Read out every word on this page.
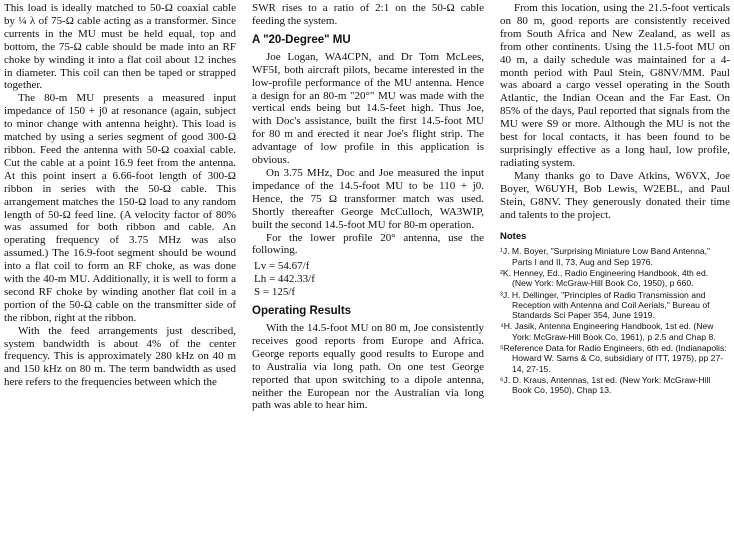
This load is ideally matched to 50-Ω coaxial cable by ¼ λ of 75-Ω cable acting as a transformer. Since currents in the MU must be held equal, top and bottom, the 75-Ω cable should be made into an RF choke by winding it into a flat coil about 12 inches in diameter. This coil can then be taped or strapped together.

The 80-m MU presents a measured input impedance of 150 + j0 at resonance (again, subject to minor change with antenna height). This load is matched by using a series segment of good 300-Ω ribbon. Feed the antenna with 50-Ω coaxial cable. Cut the cable at a point 16.9 feet from the antenna. At this point insert a 6.66-foot length of 300-Ω ribbon in series with the 50-Ω cable. This arrangement matches the 150-Ω load to any random length of 50-Ω feed line. (A velocity factor of 80% was assumed for both ribbon and cable. An operating frequency of 3.75 MHz was also assumed.) The 16.9-foot segment should be wound into a flat coil to form an RF choke, as was done with the 40-m MU. Additionally, it is well to form a second RF choke by winding another flat coil in a portion of the 50-Ω cable on the transmitter side of the ribbon, right at the ribbon.

With the feed arrangements just described, system bandwidth is about 4% of the center frequency. This is approximately 280 kHz on 40 m and 150 kHz on 80 m. The term bandwidth as used here refers to the frequencies between which the

SWR rises to a ratio of 2:1 on the 50-Ω cable feeding the system.

A "20-Degree" MU

Joe Logan, WA4CPN, and Dr Tom McLees, WF5I, both aircraft pilots, became interested in the low-profile performance of the MU antenna. Hence a design for an 80-m "20°" MU was made with the vertical ends being but 14.5-feet high. Thus Joe, with Doc's assistance, built the first 14.5-foot MU for 80 m and erected it near Joe's flight strip. The advantage of low profile in this application is obvious.

On 3.75 MHz, Doc and Joe measured the input impedance of the 14.5-foot MU to be 110 + j0. Hence, the 75 Ω transformer match was used. Shortly thereafter George McCulloch, WA3WIP, built the second 14.5-foot MU for 80-m operation.

For the lower profile 20° antenna, use the following.

Lv = 54.67/f
Lh = 442.33/f
S = 125/f
Operating Results

With the 14.5-foot MU on 80 m, Joe consistently receives good reports from Europe and Africa. George reports equally good results to Europe and to Australia via long path. On one test George reported that upon switching to a dipole antenna, neither the European nor the Australian via long path was able to hear him.

From this location, using the 21.5-foot verticals on 80 m, good reports are consistently received from South Africa and New Zealand, as well as from other continents. Using the 11.5-foot MU on 40 m, a daily schedule was maintained for a 4-month period with Paul Stein, G8NV/MM. Paul was aboard a cargo vessel operating in the South Atlantic, the Indian Ocean and the Far East. On 85% of the days, Paul reported that signals from the MU were S9 or more. Although the MU is not the best for local contacts, it has been found to be surprisingly effective as a long haul, low profile, radiating system.

Many thanks go to Dave Atkins, W6VX, Joe Boyer, W6UYH, Bob Lewis, W2EBL, and Paul Stein, G8NV. They generously donated their time and talents to the project.

Notes
¹J. M. Boyer, "Surprising Miniature Low Band Antenna," Parts I and II, 73, Aug and Sep 1976.
²K. Henney, Ed., Radio Engineering Handbook, 4th ed. (New York: McGraw-Hill Book Co, 1950), p 660.
³J. H. Dellinger, "Principles of Radio Transmission and Reception with Antenna and Coil Aerials," Bureau of Standards Sci Paper 354, June 1919.
⁴H. Jasik, Antenna Engineering Handbook, 1st ed. (New York: McGraw-Hill Book Co, 1961), p 2.5 and Chap 8.
⁵Reference Data for Radio Engineers, 6th ed. (Indianapolis: Howard W. Sams & Co, subsidiary of ITT, 1975), pp 27-14, 27-15.
⁶J. D. Kraus, Antennas, 1st ed. (New York: McGraw-Hill Book Co, 1950), Chap 13.
